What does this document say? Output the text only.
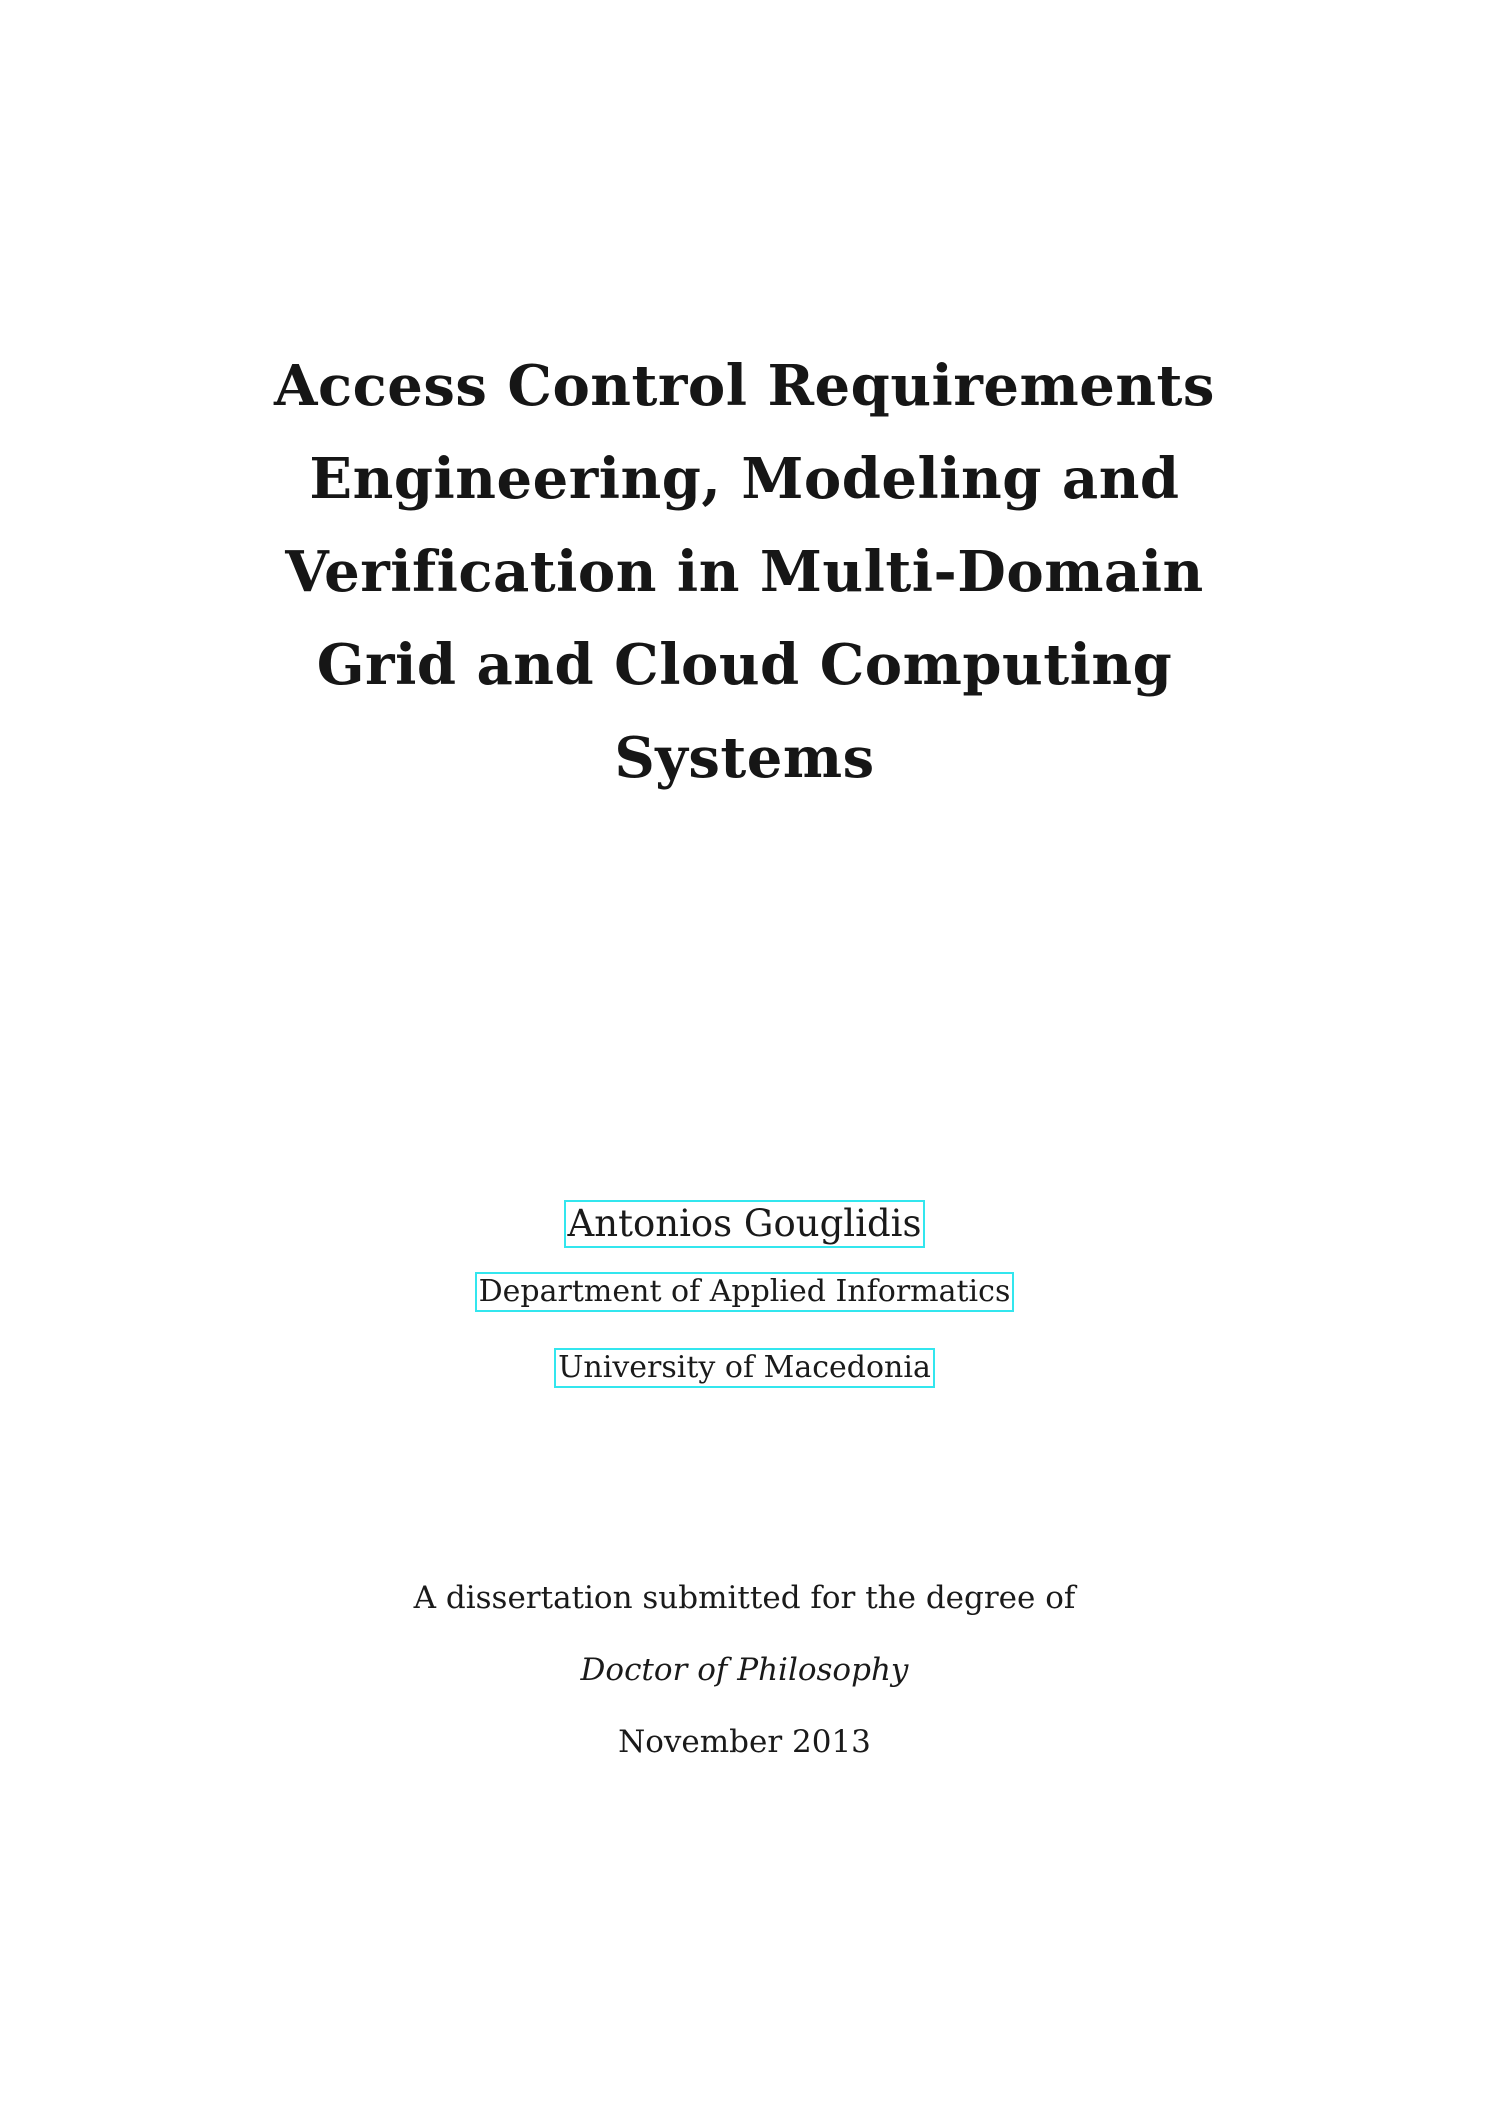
Access Control Requirements
Engineering, Modeling and
Verification in Multi-Domain
Grid and Cloud Computing
Systems
Antonios Gouglidis
Department of Applied Informatics
University of Macedonia
A dissertation submitted for the degree of
Doctor of Philosophy
November 2013
